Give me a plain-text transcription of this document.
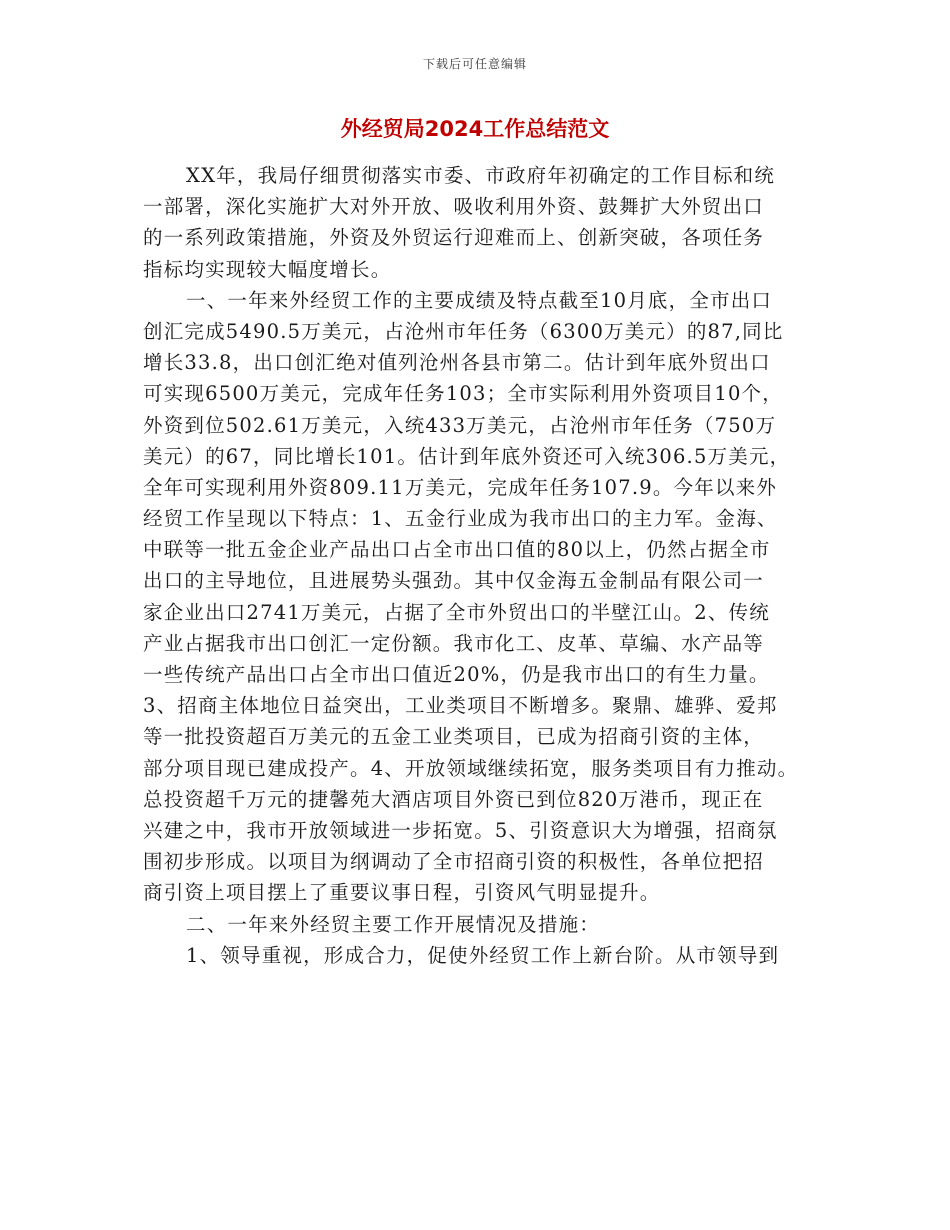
下载后可任意编辑
外经贸局2024工作总结范文
XX年，我局仔细贯彻落实市委、市政府年初确定的工作目标和统
一部署，深化实施扩大对外开放、吸收利用外资、鼓舞扩大外贸出口
的一系列政策措施，外资及外贸运行迎难而上、创新突破，各项任务
指标均实现较大幅度增长。
一、一年来外经贸工作的主要成绩及特点截至10月底，全市出口
创汇完成5490.5万美元，占沧州市年任务（6300万美元）的87,同比
增长33.8，出口创汇绝对值列沧州各县市第二。估计到年底外贸出口
可实现6500万美元，完成年任务103；全市实际利用外资项目10个，
外资到位502.61万美元，入统433万美元，占沧州市年任务（750万
美元）的67，同比增长101。估计到年底外资还可入统306.5万美元，
全年可实现利用外资809.11万美元，完成年任务107.9。今年以来外
经贸工作呈现以下特点：1、五金行业成为我市出口的主力军。金海、
中联等一批五金企业产品出口占全市出口值的80以上，仍然占据全市
出口的主导地位，且进展势头强劲。其中仅金海五金制品有限公司一
家企业出口2741万美元，占据了全市外贸出口的半壁江山。2、传统
产业占据我市出口创汇一定份额。我市化工、皮革、草编、水产品等
一些传统产品出口占全市出口值近20%，仍是我市出口的有生力量。
3、招商主体地位日益突出，工业类项目不断增多。聚鼎、雄骅、爱邦
等一批投资超百万美元的五金工业类项目，已成为招商引资的主体，
部分项目现已建成投产。4、开放领域继续拓宽，服务类项目有力推动。
总投资超千万元的捷馨苑大酒店项目外资已到位820万港币，现正在
兴建之中，我市开放领域进一步拓宽。5、引资意识大为增强，招商氛
围初步形成。以项目为纲调动了全市招商引资的积极性，各单位把招
商引资上项目摆上了重要议事日程，引资风气明显提升。
二、一年来外经贸主要工作开展情况及措施：
1、领导重视，形成合力，促使外经贸工作上新台阶。从市领导到
